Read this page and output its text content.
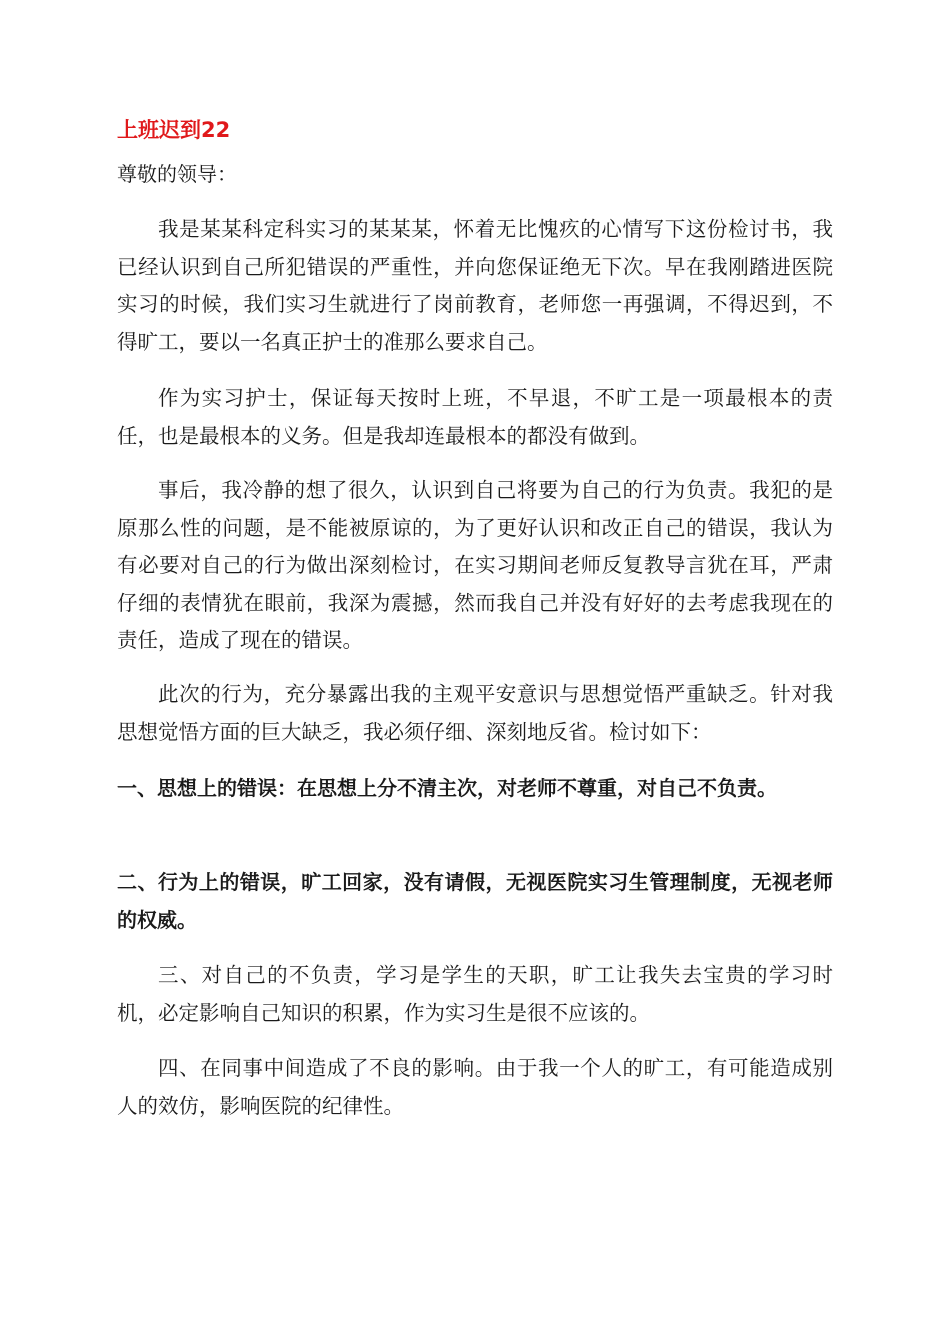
上班迟到22
尊敬的领导：

我是某某科定科实习的某某某，怀着无比愧疚的心情写下这份检讨书，我已经认识到自己所犯错误的严重性，并向您保证绝无下次。早在我刚踏进医院实习的时候，我们实习生就进行了岗前教育，老师您一再强调，不得迟到，不得旷工，要以一名真正护士的准那么要求自己。

作为实习护士，保证每天按时上班，不早退，不旷工是一项最根本的责任，也是最根本的义务。但是我却连最根本的都没有做到。

事后，我冷静的想了很久，认识到自己将要为自己的行为负责。我犯的是原那么性的问题，是不能被原谅的，为了更好认识和改正自己的错误，我认为有必要对自己的行为做出深刻检讨，在实习期间老师反复教导言犹在耳，严肃仔细的表情犹在眼前，我深为震撼，然而我自己并没有好好的去考虑我现在的责任，造成了现在的错误。

此次的行为，充分暴露出我的主观平安意识与思想觉悟严重缺乏。针对我思想觉悟方面的巨大缺乏，我必须仔细、深刻地反省。检讨如下：

一、思想上的错误：在思想上分不清主次，对老师不尊重，对自己不负责。

二、行为上的错误，旷工回家，没有请假，无视医院实习生管理制度，无视老师的权威。

三、对自己的不负责，学习是学生的天职，旷工让我失去宝贵的学习时机，必定影响自己知识的积累，作为实习生是很不应该的。

四、在同事中间造成了不良的影响。由于我一个人的旷工，有可能造成别人的效仿，影响医院的纪律性。
